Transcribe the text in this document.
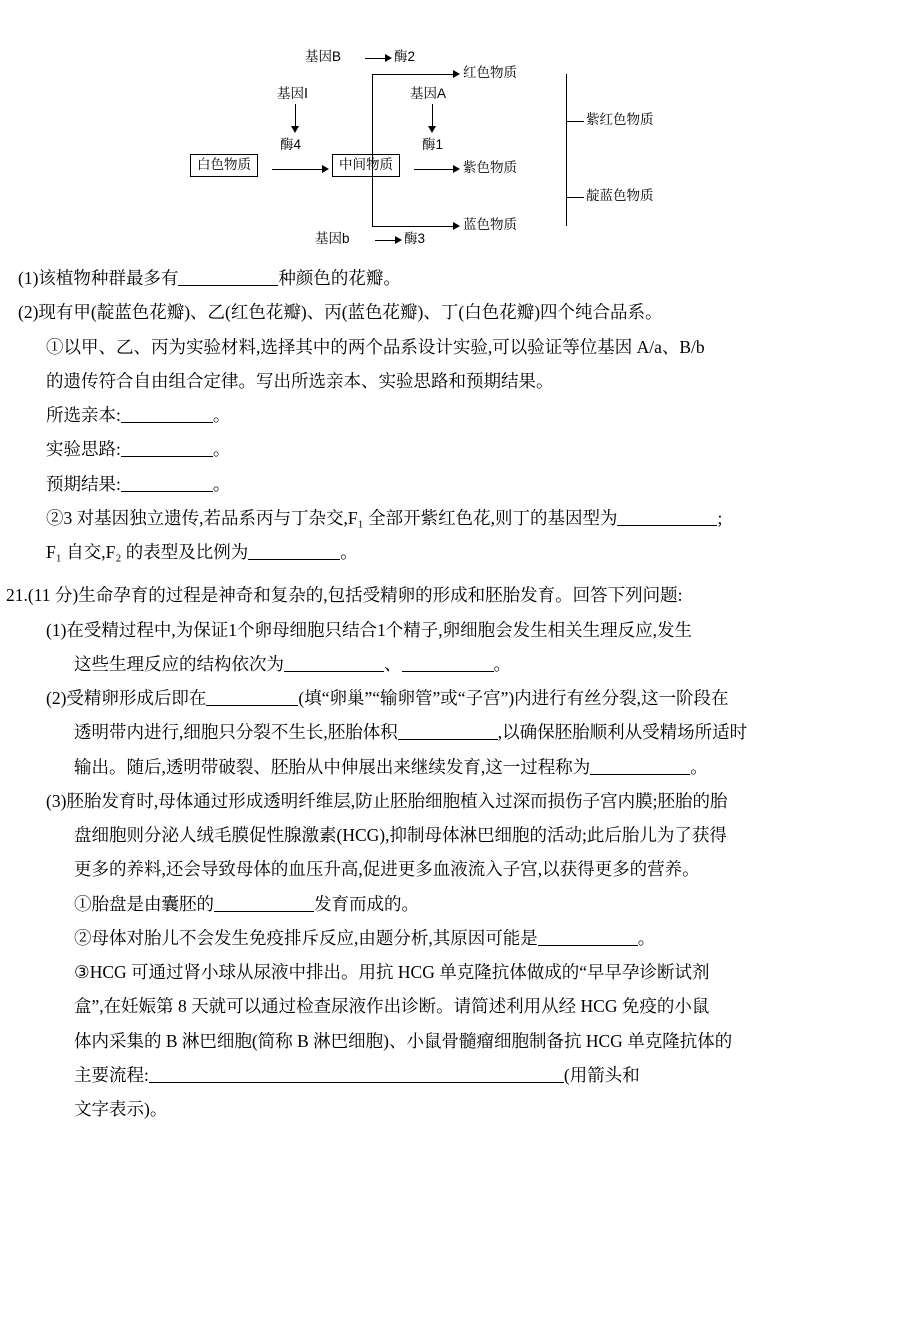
基因B	酶2
基因Ⅰ
酶4
基因A
酶1
白色物质	中间物质
红色物质
紫色物质
蓝色物质
基因b	酶3
紫红色物质
靛蓝色物质

(1)该植物种群最多有	种颜色的花瓣。

(2)现有甲(靛蓝色花瓣)、乙(红色花瓣)、丙(蓝色花瓣)、丁(白色花瓣)四个纯合品系。

①以甲、乙、丙为实验材料,选择其中的两个品系设计实验,可以验证等位基因 A/a、B/b

的遗传符合自由组合定律。写出所选亲本、实验思路和预期结果。

所选亲本:	。

实验思路:	。

预期结果:	。

②3 对基因独立遗传,若品系丙与丁杂交,F₁ 全部开紫红色花,则丁的基因型为	;

F₁ 自交,F₂ 的表型及比例为	。

21.(11 分)生命孕育的过程是神奇和复杂的,包括受精卵的形成和胚胎发育。回答下列问题:

(1)在受精过程中,为保证1个卵母细胞只结合1个精子,卵细胞会发生相关生理反应,发生

这些生理反应的结构依次为	、	。

(2)受精卵形成后即在	(填“卵巢”“输卵管”或“子宫”)内进行有丝分裂,这一阶段在

透明带内进行,细胞只分裂不生长,胚胎体积	,以确保胚胎顺利从受精场所适时

输出。随后,透明带破裂、胚胎从中伸展出来继续发育,这一过程称为	。

(3)胚胎发育时,母体通过形成透明纤维层,防止胚胎细胞植入过深而损伤子宫内膜;胚胎的胎

盘细胞则分泌人绒毛膜促性腺激素(HCG),抑制母体淋巴细胞的活动;此后胎儿为了获得

更多的养料,还会导致母体的血压升高,促进更多血液流入子宫,以获得更多的营养。

①胎盘是由囊胚的	发育而成的。

②母体对胎儿不会发生免疫排斥反应,由题分析,其原因可能是	。

③HCG 可通过肾小球从尿液中排出。用抗 HCG 单克隆抗体做成的“早早孕诊断试剂

盒”,在妊娠第 8 天就可以通过检查尿液作出诊断。请简述利用从经 HCG 免疫的小鼠

体内采集的 B 淋巴细胞(简称 B 淋巴细胞)、小鼠骨髓瘤细胞制备抗 HCG 单克隆抗体的

主要流程:	(用箭头和

文字表示)。
